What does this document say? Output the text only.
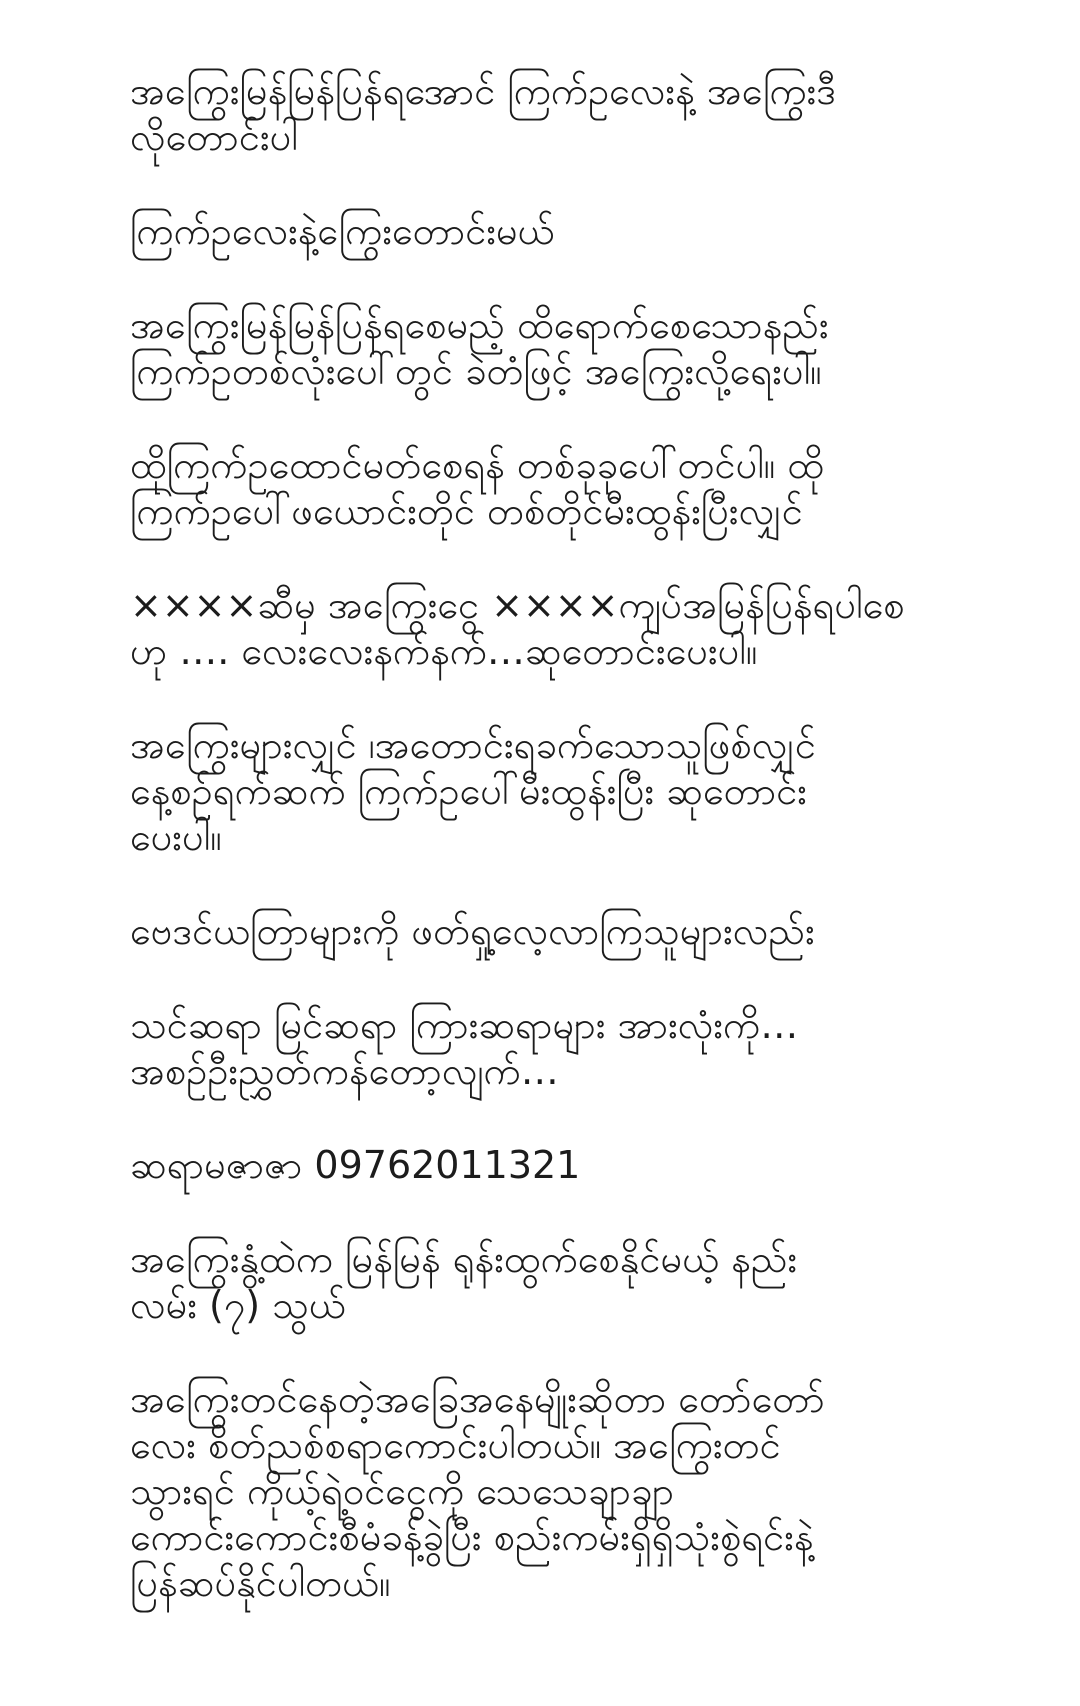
အကြွေးမြန်မြန်ပြန်ရအောင် ကြက်ဥလေးနဲ့ အကြွေးဒီ
လိုတောင်းပါ

ကြက်ဥလေးနဲ့ကြွေးတောင်းမယ်

အကြွေးမြန်မြန်ပြန်ရစေမည့် ထိရောက်စေသောနည်း
ကြက်ဥတစ်လုံးပေါ်တွင် ခဲတံဖြင့် အကြွေးလို့ရေးပါ။

ထိုကြက်ဥထောင်မတ်စေရန် တစ်ခုခုပေါ်တင်ပါ။ ထို
ကြက်ဥပေါ်ဖယောင်းတိုင် တစ်တိုင်မီးထွန်းပြီးလျှင်

××××ဆီမှ အကြွေးငွေ ××××ကျပ်အမြန်ပြန်ရပါစေ
ဟု …. လေးလေးနက်နက်…ဆုတောင်းပေးပါ။

အကြွေးများလျှင် ၊အတောင်းရခက်သောသူဖြစ်လျှင်
နေ့စဥ်ရက်ဆက် ကြက်ဥပေါ်မီးထွန်းပြီး ဆုတောင်း
ပေးပါ။

ဗေဒင်ယတြာများကို ဖတ်ရှု့လေ့လာကြသူများလည်း

သင်ဆရာ မြင်ဆရာ ကြားဆရာများ အားလုံးကို…
အစဥ်ဦးညွှတ်ကန်တော့လျက်…

ဆရာမဇာဇာ 09762011321

အကြွေးနွံ့ထဲက မြန်မြန် ရုန်းထွက်စေနိုင်မယ့် နည်း
လမ်း (၇) သွယ်

အကြွေးတင်နေတဲ့အခြေအနေမျိုးဆိုတာ တော်တော်
လေး စိတ်ညစ်စရာကောင်းပါတယ်။ အကြွေးတင်
သွားရင် ကိုယ့်ရဲ့ဝင်ငွေကို သေသေချာချာ
ကောင်းကောင်းစီမံခန့်ခွဲပြီး စည်းကမ်းရှိရှိသုံးစွဲရင်းနဲ့
ပြန်ဆပ်နိုင်ပါတယ်။
